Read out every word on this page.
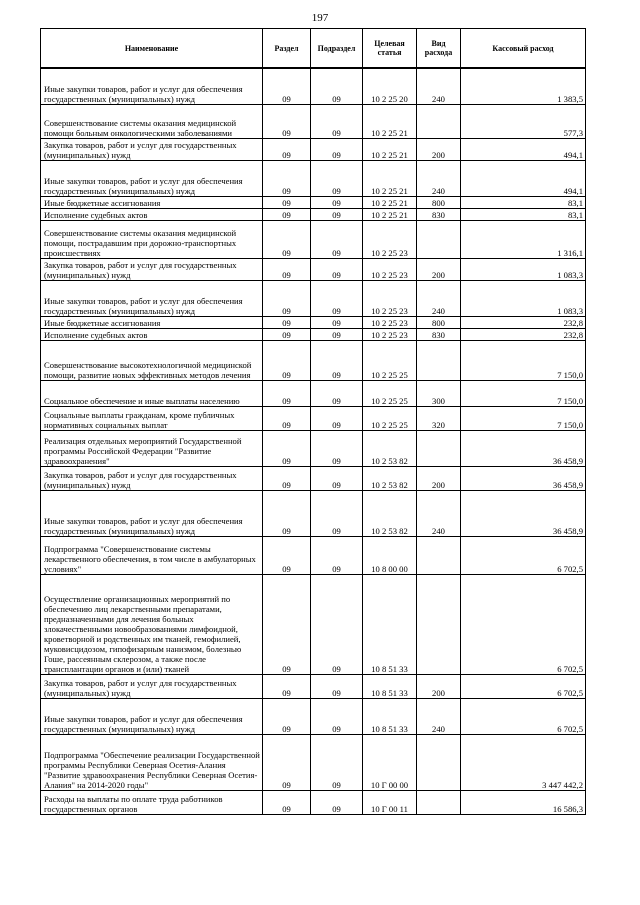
197
Наименование	Раздел	Подраздел	Целевая статья	Вид расхода	Кассовый расход
Иные закупки товаров, работ и услуг для обеспечения государственных (муниципальных) нужд	09	09	10 2 25 20	240	1 383,5
Совершенствование системы оказания медицинской помощи больным онкологическими заболеваниями	09	09	10 2 25 21		577,3
Закупка товаров, работ и услуг для государственных (муниципальных) нужд	09	09	10 2 25 21	200	494,1
Иные закупки товаров, работ и услуг для обеспечения государственных (муниципальных) нужд	09	09	10 2 25 21	240	494,1
Иные бюджетные ассигнования	09	09	10 2 25 21	800	83,1
Исполнение судебных актов	09	09	10 2 25 21	830	83,1
Совершенствование системы оказания медицинской помощи, пострадавшим при дорожно-транспортных происшествиях	09	09	10 2 25 23		1 316,1
Закупка товаров, работ и услуг для государственных (муниципальных) нужд	09	09	10 2 25 23	200	1 083,3
Иные закупки товаров, работ и услуг для обеспечения государственных (муниципальных) нужд	09	09	10 2 25 23	240	1 083,3
Иные бюджетные ассигнования	09	09	10 2 25 23	800	232,8
Исполнение судебных актов	09	09	10 2 25 23	830	232,8
Совершенствование высокотехнологичной медицинской помощи, развитие новых эффективных методов лечения	09	09	10 2 25 25		7 150,0
Социальное обеспечение и иные выплаты населению	09	09	10 2 25 25	300	7 150,0
Социальные выплаты гражданам, кроме публичных нормативных социальных выплат	09	09	10 2 25 25	320	7 150,0
Реализация отдельных мероприятий Государственной программы Российской Федерации "Развитие здравоохранения"	09	09	10 2 53 82		36 458,9
Закупка товаров, работ и услуг для государственных (муниципальных) нужд	09	09	10 2 53 82	200	36 458,9
Иные закупки товаров, работ и услуг для обеспечения государственных (муниципальных) нужд	09	09	10 2 53 82	240	36 458,9
Подпрограмма "Совершенствование системы лекарственного обеспечения, в том числе в амбулаторных условиях"	09	09	10 8 00 00		6 702,5
Осуществление организационных мероприятий по обеспечению лиц лекарственными препаратами, предназначенными для лечения больных злокачественными новообразованиями лимфоидной, кроветворной и родственных им тканей, гемофилией, муковисцидозом, гипофизарным нанизмом, болезнью Гоше, рассеянным склерозом, а также после трансплантации органов и (или) тканей	09	09	10 8 51 33		6 702,5
Закупка товаров, работ и услуг для государственных (муниципальных) нужд	09	09	10 8 51 33	200	6 702,5
Иные закупки товаров, работ и услуг для обеспечения государственных (муниципальных) нужд	09	09	10 8 51 33	240	6 702,5
Подпрограмма "Обеспечение реализации Государственной программы Республики Северная Осетия-Алания "Развитие здравоохранения Республики Северная Осетия-Алания" на 2014-2020 годы"	09	09	10 Г 00 00		3 447 442,2
Расходы на выплаты по оплате труда работников государственных органов	09	09	10 Г 00 11		16 586,3
